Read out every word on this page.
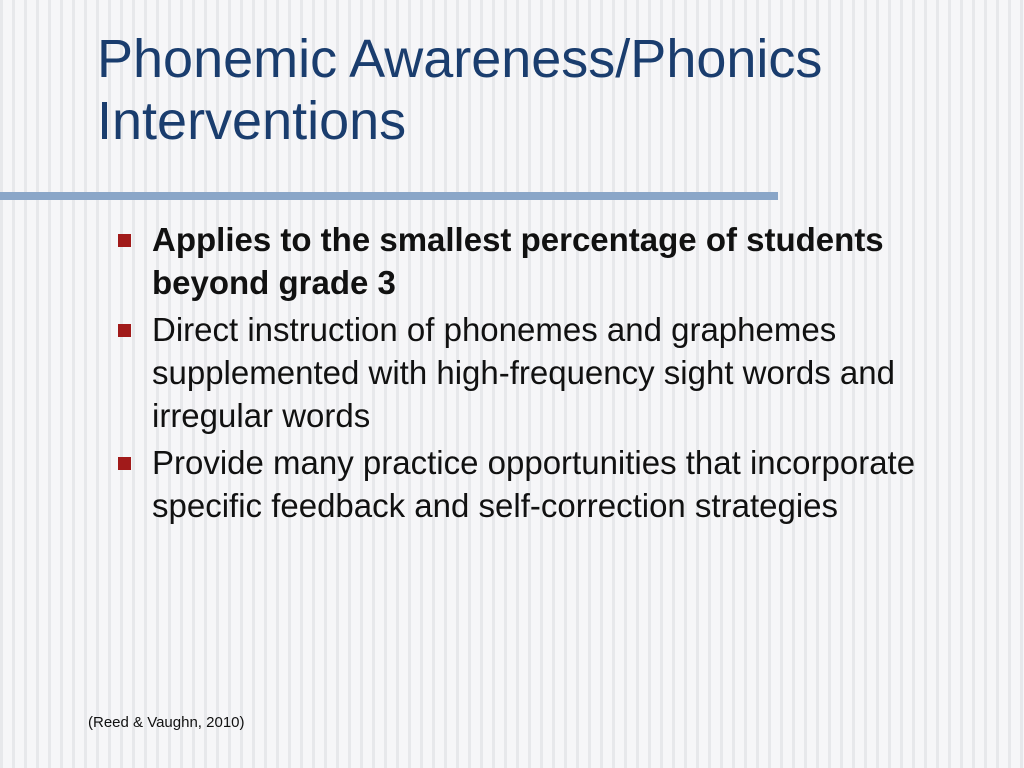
Phonemic Awareness/Phonics Interventions
Applies to the smallest percentage of students beyond grade 3
Direct instruction of phonemes and graphemes supplemented with high-frequency sight words and irregular words
Provide many practice opportunities that incorporate specific feedback and self-correction strategies
(Reed & Vaughn, 2010)
